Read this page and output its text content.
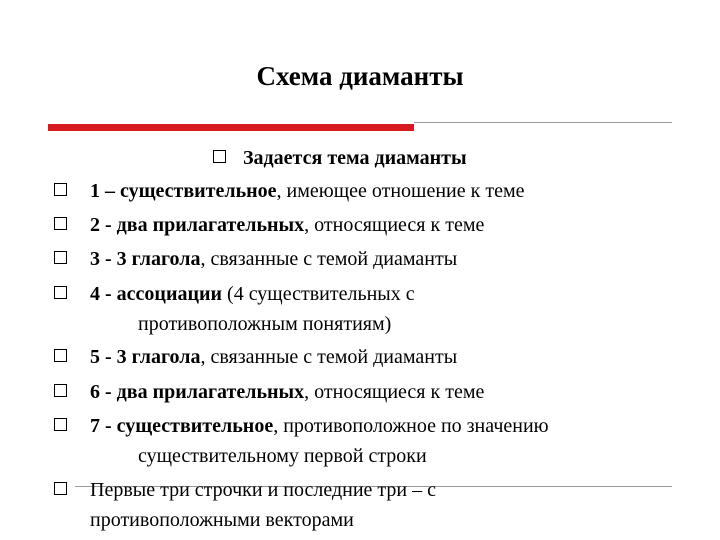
Схема диаманты
Задается тема диаманты
1 – существительное, имеющее отношение к теме
2 - два прилагательных, относящиеся к теме
3 - 3 глагола, связанные с темой диаманты
4 - ассоциации (4 существительных с
противоположным понятиям)
5 - 3 глагола, связанные с темой диаманты
6 - два прилагательных, относящиеся к теме
7 - существительное, противоположное по значению
существительному первой строки
Первые три строчки и последние три – с
противоположными векторами
